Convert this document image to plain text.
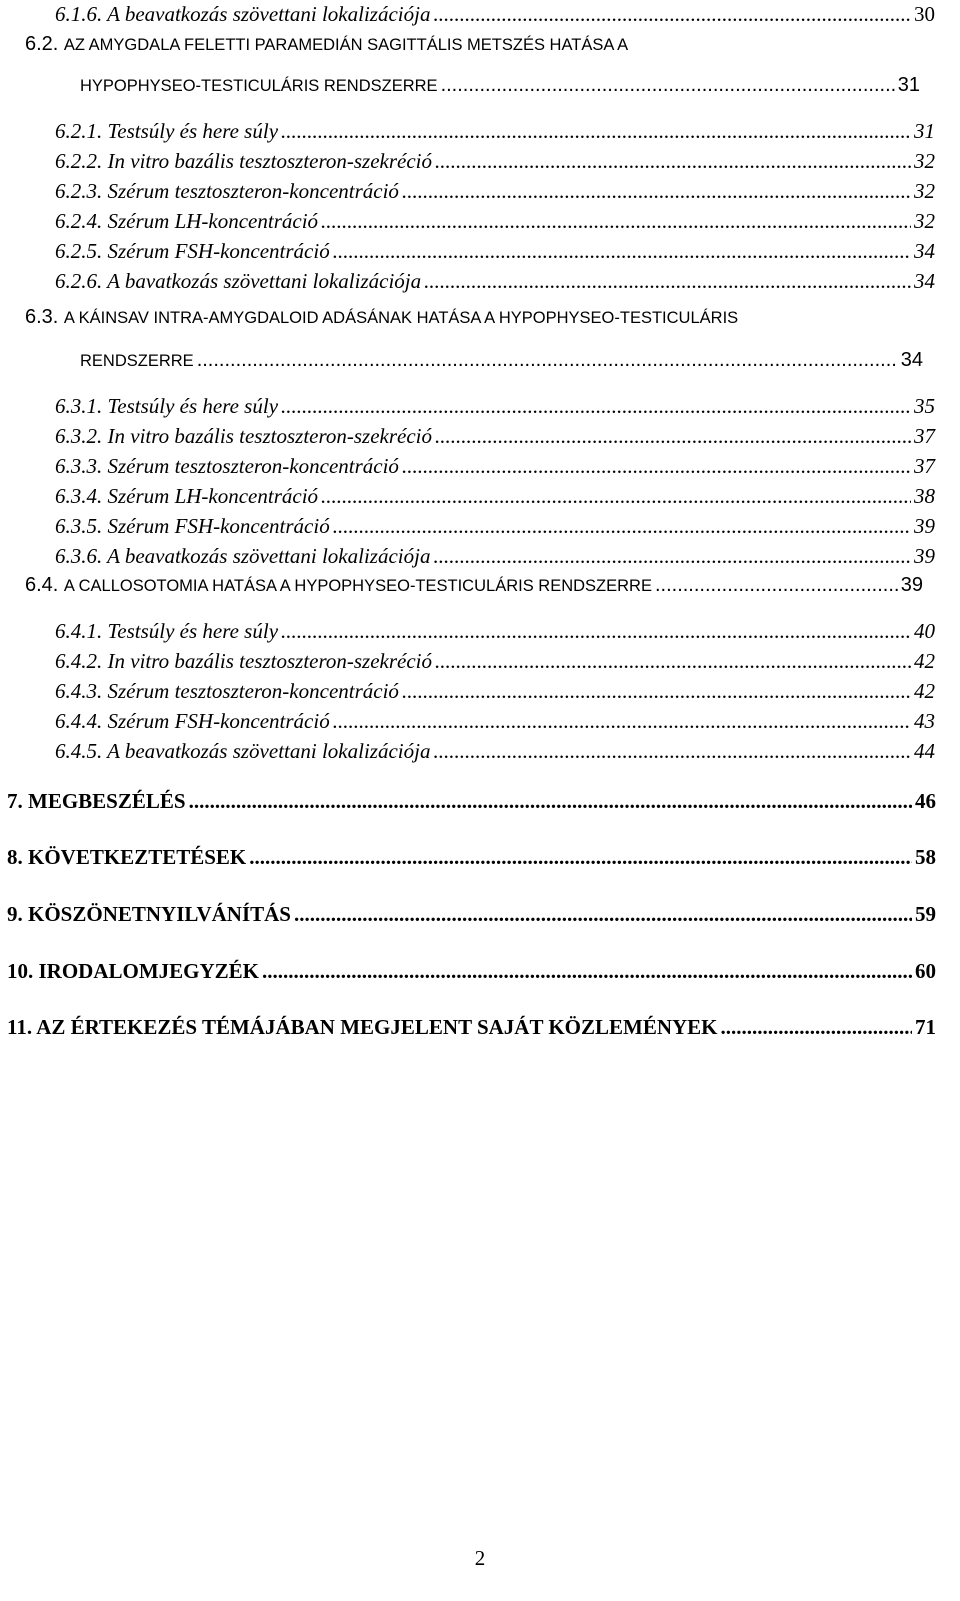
6.1.6. A beavatkozás szövettani lokalizációja .....	30
6.2. AZ AMYGDALA FELETTI PARAMEDIÁN SAGITTÁLIS METSZÉS HATÁSA A
HYPOPHYSEO-TESTICULÁRIS RENDSZERRE .....	31
6.2.1. Testsúly és here súly .....	31
6.2.2. In vitro bazális tesztoszteron-szekréció .....	32
6.2.3. Szérum tesztoszteron-koncentráció .....	32
6.2.4. Szérum LH-koncentráció .....	32
6.2.5. Szérum FSH-koncentráció .....	34
6.2.6. A bavatkozás szövettani lokalizációja .....	34
6.3. A KÁINSAV INTRA-AMYGDALOID ADÁSÁNAK HATÁSA A HYPOPHYSEO-TESTICULÁRIS
RENDSZERRE .....	34
6.3.1. Testsúly és here súly .....	35
6.3.2. In vitro bazális tesztoszteron-szekréció .....	37
6.3.3. Szérum tesztoszteron-koncentráció .....	37
6.3.4. Szérum LH-koncentráció .....	38
6.3.5. Szérum FSH-koncentráció .....	39
6.3.6. A beavatkozás szövettani lokalizációja .....	39
6.4. A CALLOSOTOMIA HATÁSA A HYPOPHYSEO-TESTICULÁRIS RENDSZERRE .....	39
6.4.1. Testsúly és here súly .....	40
6.4.2. In vitro bazális tesztoszteron-szekréció .....	42
6.4.3. Szérum tesztoszteron-koncentráció .....	42
6.4.4. Szérum FSH-koncentráció .....	43
6.4.5. A beavatkozás szövettani lokalizációja .....	44
7. MEGBESZÉLÉS .....	46
8. KÖVETKEZTETÉSEK .....	58
9. KÖSZÖNETNYILVÁNÍTÁS .....	59
10. IRODALOMJEGYZÉK .....	60
11. AZ ÉRTEKEZÉS TÉMÁJÁBAN MEGJELENT SAJÁT KÖZLEMÉNYEK .....	71
2
